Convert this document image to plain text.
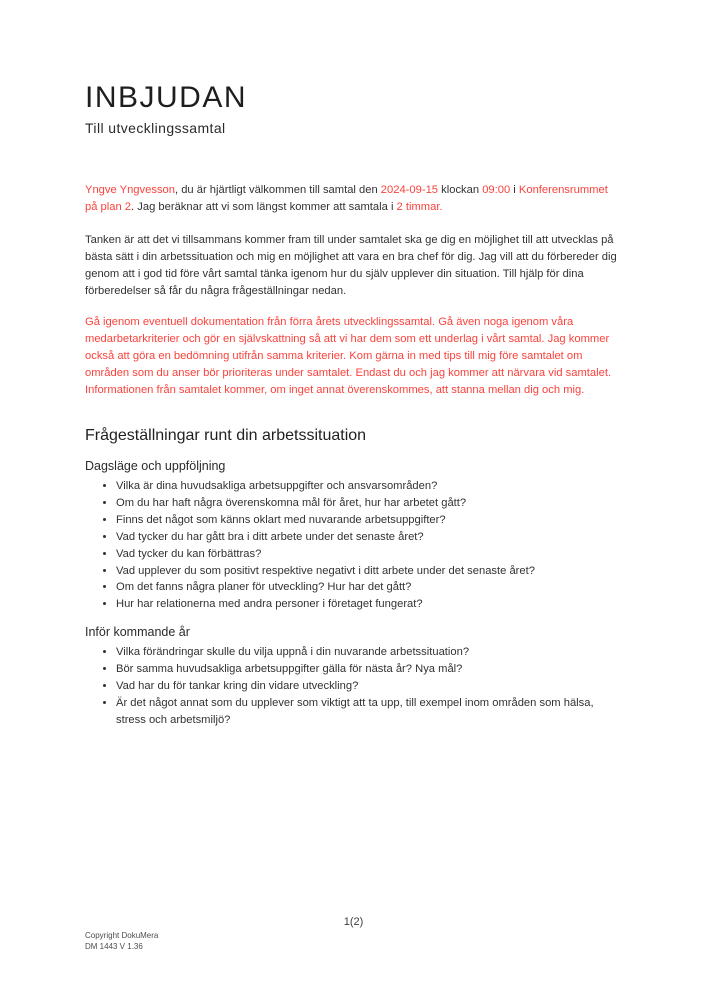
INBJUDAN
Till utvecklingssamtal

Yngve Yngvesson, du är hjärtligt välkommen till samtal den 2024-09-15 klockan 09:00 i Konferensrummet på plan 2. Jag beräknar att vi som längst kommer att samtala i 2 timmar.

Tanken är att det vi tillsammans kommer fram till under samtalet ska ge dig en möjlighet till att utvecklas på bästa sätt i din arbetssituation och mig en möjlighet att vara en bra chef för dig. Jag vill att du förbereder dig genom att i god tid före vårt samtal tänka igenom hur du själv upplever din situation. Till hjälp för dina förberedelser så får du några frågeställningar nedan.

Gå igenom eventuell dokumentation från förra årets utvecklingssamtal. Gå även noga igenom våra medarbetarkriterier och gör en självskattning så att vi har dem som ett underlag i vårt samtal. Jag kommer också att göra en bedömning utifrån samma kriterier. Kom gärna in med tips till mig före samtalet om områden som du anser bör prioriteras under samtalet. Endast du och jag kommer att närvara vid samtalet. Informationen från samtalet kommer, om inget annat överenskommes, att stanna mellan dig och mig.

Frågeställningar runt din arbetssituation
Dagsläge och uppföljning
• Vilka är dina huvudsakliga arbetsuppgifter och ansvarsområden?
• Om du har haft några överenskomna mål för året, hur har arbetet gått?
• Finns det något som känns oklart med nuvarande arbetsuppgifter?
• Vad tycker du har gått bra i ditt arbete under det senaste året?
• Vad tycker du kan förbättras?
• Vad upplever du som positivt respektive negativt i ditt arbete under det senaste året?
• Om det fanns några planer för utveckling? Hur har det gått?
• Hur har relationerna med andra personer i företaget fungerat?
Inför kommande år
• Vilka förändringar skulle du vilja uppnå i din nuvarande arbetssituation?
• Bör samma huvudsakliga arbetsuppgifter gälla för nästa år? Nya mål?
• Vad har du för tankar kring din vidare utveckling?
• Är det något annat som du upplever som viktigt att ta upp, till exempel inom områden som hälsa, stress och arbetsmiljö?
1(2)
Copyright DokuMera
DM 1443 V 1.36
